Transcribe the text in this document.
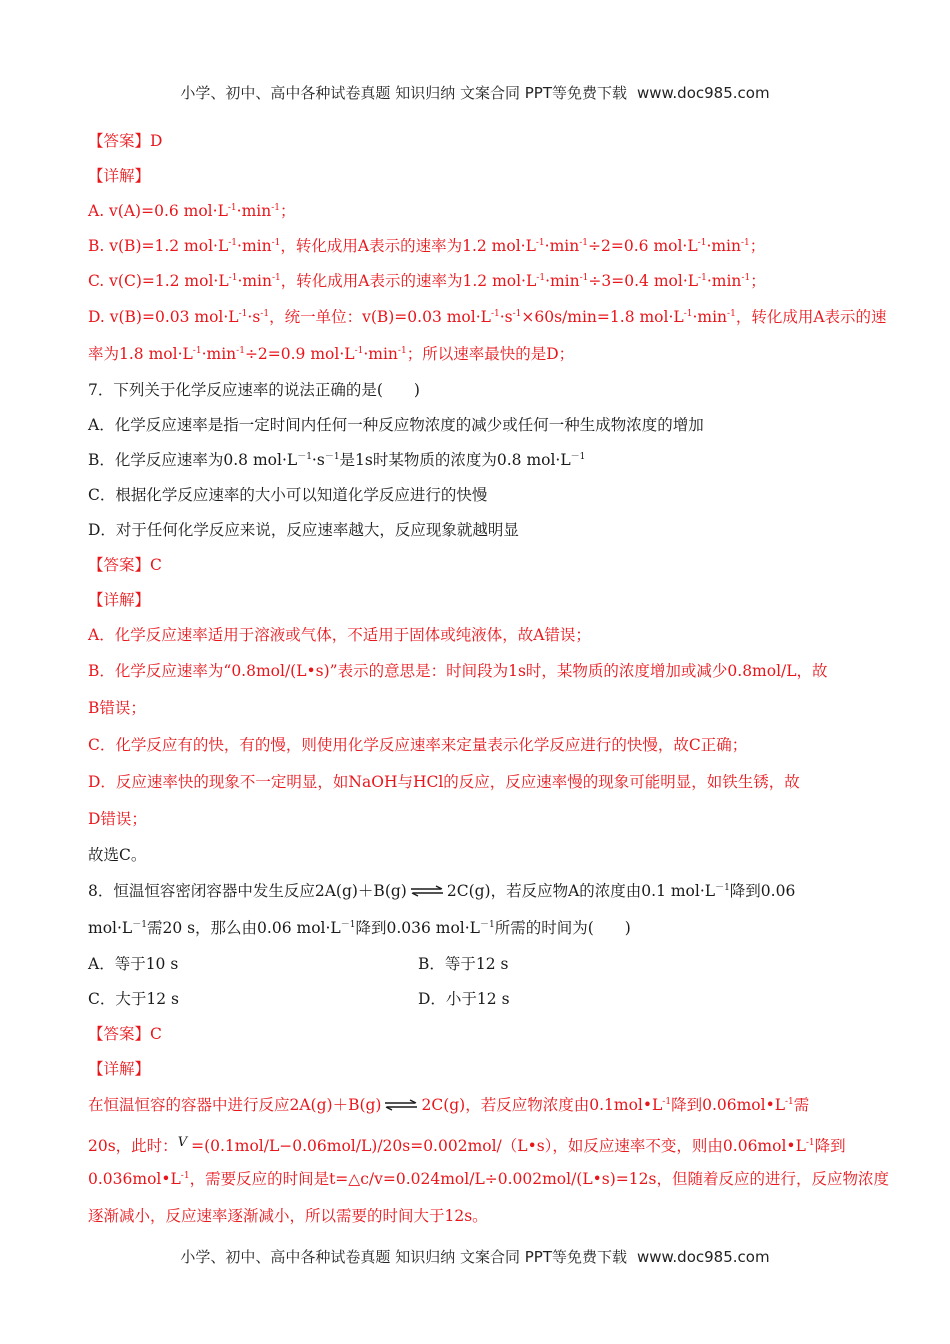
小学、初中、高中各种试卷真题 知识归纳 文案合同 PPT等免费下载 www.doc985.com
【答案】D
【详解】
A. v(A)=0.6 $mol\cdot L^{-1}\cdot\min^{-1}$；
B. v(B)=1.2 $mol\cdot L^{-1}\cdot\min^{-1}$，转化成用A表示的速率为1.2 $mol\cdot L^{-1}\cdot\min^{-1}\div 2=0.6$ $mol\cdot L^{-1}\cdot\min^{-1}$；
C. v(C)=1.2 $mol\cdot L^{-1}\cdot\min^{-1}$，转化成用A表示的速率为1.2 $mol\cdot L^{-1}\cdot\min^{-1}\div 3=0.4$ $mol\cdot L^{-1}\cdot\min^{-1}$；
D. v(B)=0.03 $mol\cdot L^{-1}\cdot s^{-1}$，统一单位：v(B)=0.03 $mol\cdot L^{-1}\cdot s^{-1}\times 60s/\min=1.8$ $mol\cdot L^{-1}\cdot\min^{-1}$，转化成用A表示的速
率为1.8 $mol\cdot L^{-1}\cdot\min^{-1}\div 2=0.9$ $mol\cdot L^{-1}\cdot\min^{-1}$；所以速率最快的是D；
7．下列关于化学反应速率的说法正确的是(　　)
A．化学反应速率是指一定时间内任何一种反应物浓度的减少或任何一种生成物浓度的增加
B．化学反应速率为0.8 $mol\cdot L^{-1}\cdot s^{-1}$是1s时某物质的浓度为0.8 $mol\cdot L^{-1}$
C．根据化学反应速率的大小可以知道化学反应进行的快慢
D．对于任何化学反应来说，反应速率越大，反应现象就越明显
【答案】C
【详解】
A．化学反应速率适用于溶液或气体，不适用于固体或纯液体，故A错误；
B．化学反应速率为“0.8mol/(L•s)”表示的意思是：时间段为1s时，某物质的浓度增加或减少0.8mol/L，故
B错误；
C．化学反应有的快，有的慢，则使用化学反应速率来定量表示化学反应进行的快慢，故C正确；
D．反应速率快的现象不一定明显，如NaOH与HCl的反应，反应速率慢的现象可能明显，如铁生锈，故
D错误；
故选C。
8．恒温恒容密闭容器中发生反应2A(g)＋B(g) ⇌ 2C(g)，若反应物A的浓度由0.1 $mol\cdot L^{-1}$降到0.06
$mol\cdot L^{-1}$需20 s，那么由0.06 $mol\cdot L^{-1}$降到0.036 $mol\cdot L^{-1}$所需的时间为(　　)
A．等于10 s	B．等于12 s
C．大于12 s	D．小于12 s
【答案】C
【详解】
在恒温恒容的容器中进行反应2A(g)＋B(g) ⇌ 2C(g)，若反应物浓度由$0.1mol•L^{-1}$降到$0.06mol•L^{-1}$需
20s，此时：$^V$ =(0.1mol/L−0.06mol/L)/20s=0.002mol/（L•s），如反应速率不变，则由$0.06mol•L^{-1}$降到
$0.036mol•L^{-1}$，需要反应的时间是t=△c/v=0.024mol/L÷0.002mol/(L•s)=12s，但随着反应的进行，反应物浓度
逐渐减小，反应速率逐渐减小，所以需要的时间大于12s。
小学、初中、高中各种试卷真题 知识归纳 文案合同 PPT等免费下载 www.doc985.com
